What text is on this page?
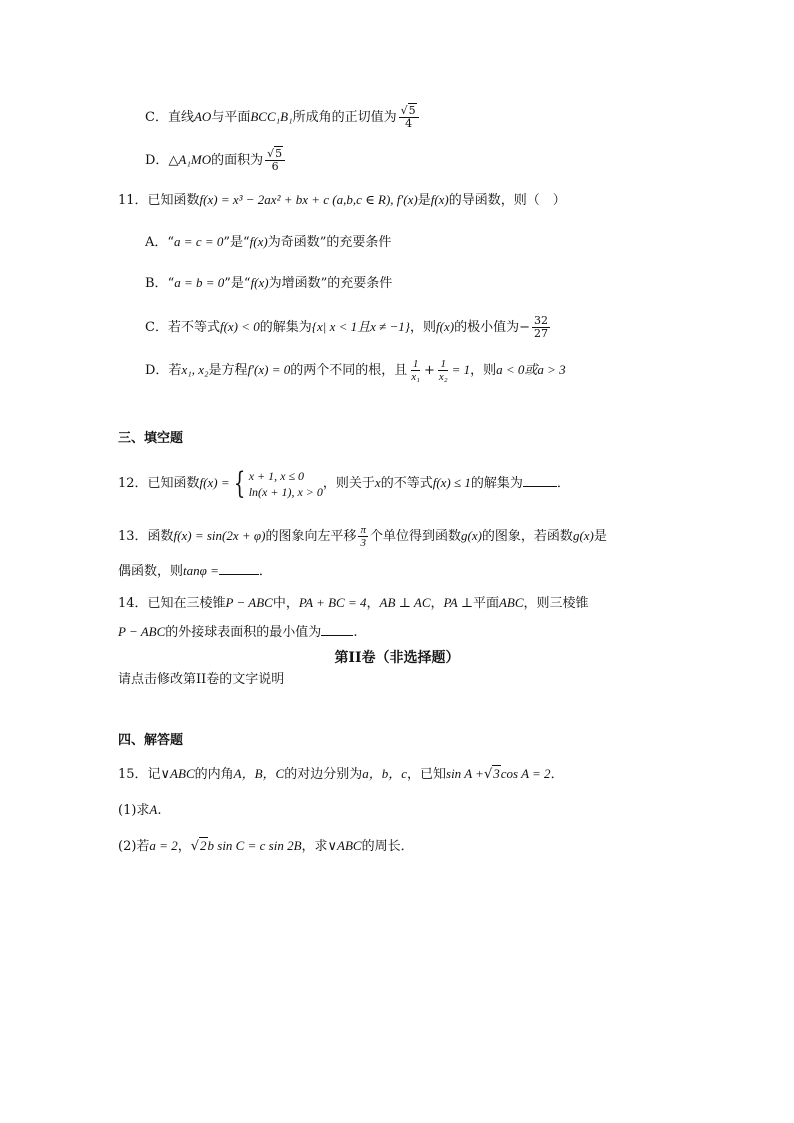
C．直线AO与平面BCC₁B₁所成角的正切值为 $\frac{√5}{4}$
D．△A₁MO的面积为 $\frac{√5}{6}$
11．已知函数f(x) = x³ − 2ax² + bx + c (a,b,c ∈ R), f′(x)是f(x)的导函数，则（　）
A．“a = c = 0”是“f(x)为奇函数”的充要条件
B．“a = b = 0”是“f(x)为增函数”的充要条件
C．若不等式f(x) < 0的解集为{x| x < 1且x ≠ −1}，则f(x)的极小值为− $\frac{32}{27}$
D．若x₁, x₂是方程f′(x) = 0的两个不同的根，且 $\frac{1}{\text{x₁}} + \frac{1}{\text{x₂}} = 1$，则a < 0或a > 3
三、填空题
12．已知函数f(x) = { x + 1, x ≤ 0
ln(x + 1), x > 0
，则关于x的不等式f(x) ≤ 1的解集为	．
13．函数f(x) = sin(2x + φ)的图象向左平移 $\frac{\pi}{3}$ 个单位得到函数g(x)的图象，若函数g(x)是
偶函数，则tanφ =	．
14．已知在三棱锥P − ABC中，PA + BC = 4，AB ⊥ AC，PA ⊥平面ABC，则三棱锥
P − ABC的外接球表面积的最小值为 .
第II卷（非选择题）
请点击修改第II卷的文字说明
四、解答题
15．记∨ABC的内角A，B，C的对边分别为a，b，c，已知sin A +√3cos A = 2．
(1)求A.
(2)若a = 2，√2b sin C = c sin 2B，求∨ABC的周长．
